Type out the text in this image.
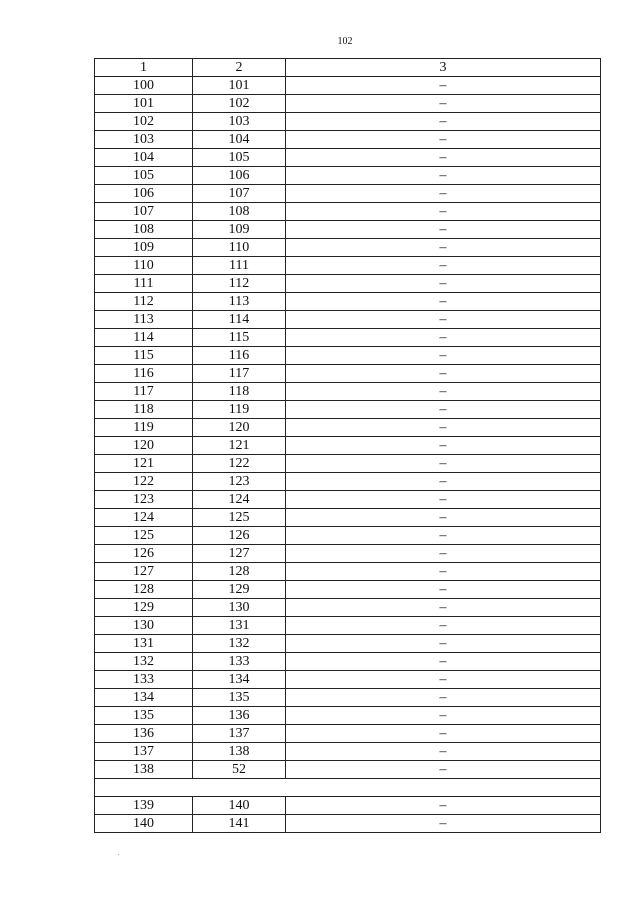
102
1	2	3
100	101	–
101	102	–
102	103	–
103	104	–
104	105	–
105	106	–
106	107	–
107	108	–
108	109	–
109	110	–
110	111	–
111	112	–
112	113	–
113	114	–
114	115	–
115	116	–
116	117	–
117	118	–
118	119	–
119	120	–
120	121	–
121	122	–
122	123	–
123	124	–
124	125	–
125	126	–
126	127	–
127	128	–
128	129	–
129	130	–
130	131	–
131	132	–
132	133	–
133	134	–
134	135	–
135	136	–
136	137	–
137	138	–
138	52	–

139	140	–
140	141	–
